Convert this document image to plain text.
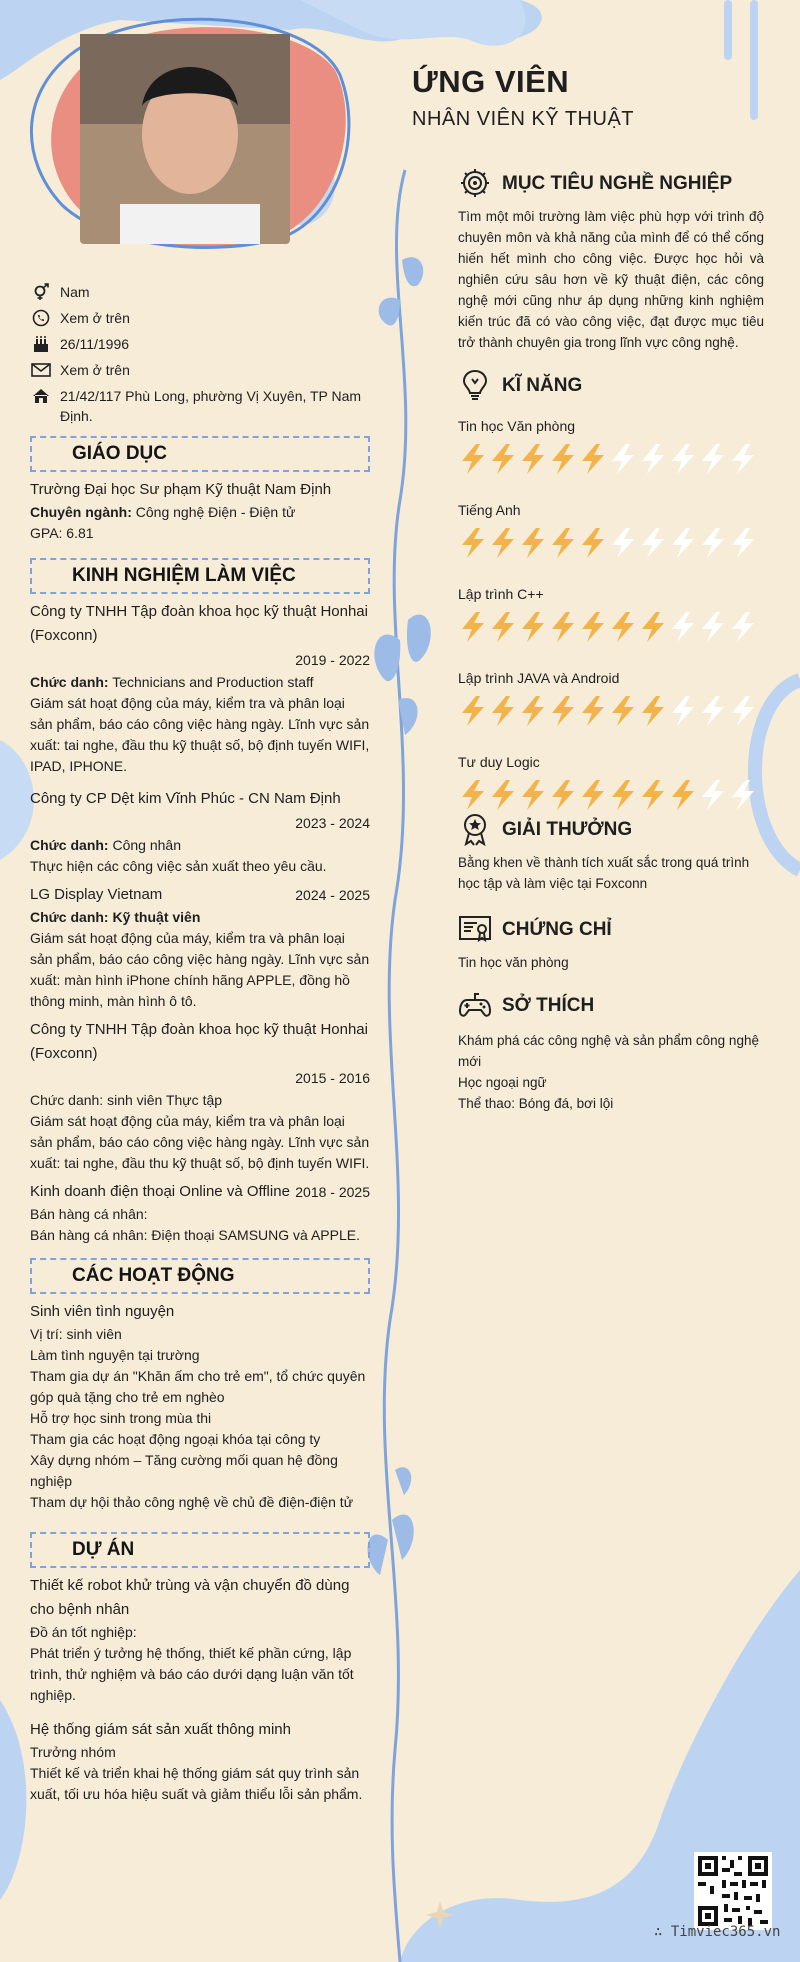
ỨNG VIÊN
NHÂN VIÊN KỸ THUẬT
Nam
Xem ở trên
26/11/1996
Xem ở trên
21/42/117 Phù Long, phường Vị Xuyên, TP Nam Định.
GIÁO DỤC
Trường Đại học Sư phạm Kỹ thuật Nam Định
Chuyên ngành: Công nghệ Điện - Điện tử
GPA: 6.81
KINH NGHIỆM LÀM VIỆC
Công ty TNHH Tập đoàn khoa học kỹ thuật Honhai (Foxconn)
2019 - 2022
Chức danh: Technicians and Production staff

Giám sát hoạt động của máy, kiểm tra và phân loại sản phẩm, báo cáo công việc hàng ngày. Lĩnh vực sản xuất: tai nghe, đầu thu kỹ thuật số, bộ định tuyến WIFI, IPAD, IPHONE.

Công ty CP Dệt kim Vĩnh Phúc - CN Nam Định
2023 - 2024
Chức danh: Công nhân

Thực hiện các công việc sản xuất theo yêu cầu.

LG Display Vietnam	2024 - 2025
Chức danh: Kỹ thuật viên

Giám sát hoạt động của máy, kiểm tra và phân loại sản phẩm, báo cáo công việc hàng ngày. Lĩnh vực sản xuất: màn hình iPhone chính hãng APPLE, đồng hồ thông minh, màn hình ô tô.

Công ty TNHH Tập đoàn khoa học kỹ thuật Honhai (Foxconn)
2015 - 2016
Chức danh: sinh viên Thực tập

Giám sát hoạt động của máy, kiểm tra và phân loại sản phẩm, báo cáo công việc hàng ngày. Lĩnh vực sản xuất: tai nghe, đầu thu kỹ thuật số, bộ định tuyến WIFI.

Kinh doanh điện thoại Online và Offline 2018 - 2025
Bán hàng cá nhân:

Bán hàng cá nhân: Điện thoại SAMSUNG và APPLE.

CÁC HOẠT ĐỘNG
Sinh viên tình nguyện
Vị trí: sinh viên
Làm tình nguyện tại trường
Tham gia dự án "Khăn ấm cho trẻ em", tổ chức quyên góp quà tặng cho trẻ em nghèo
Hỗ trợ học sinh trong mùa thi
Tham gia các hoạt động ngoại khóa tại công ty
Xây dựng nhóm – Tăng cường mối quan hệ đồng nghiệp
Tham dự hội thảo công nghệ về chủ đề điện-điện tử
DỰ ÁN
Thiết kế robot khử trùng và vận chuyển đồ dùng cho bệnh nhân
Đồ án tốt nghiệp:

Phát triển ý tưởng hệ thống, thiết kế phần cứng, lập trình, thử nghiệm và báo cáo dưới dạng luận văn tốt nghiệp.

Hệ thống giám sát sản xuất thông minh
Trưởng nhóm

Thiết kế và triển khai hệ thống giám sát quy trình sản xuất, tối ưu hóa hiệu suất và giảm thiểu lỗi sản phẩm.

MỤC TIÊU NGHỀ NGHIỆP

Tìm một môi trường làm việc phù hợp với trình độ chuyên môn và khả năng của mình để có thể cống hiến hết mình cho công việc. Được học hỏi và nghiên cứu sâu hơn về kỹ thuật điện, các công nghệ mới cũng như áp dụng những kinh nghiệm kiến trúc đã có vào công việc, đạt được mục tiêu trở thành chuyên gia trong lĩnh vực công nghệ.

KĨ NĂNG
Tin học Văn phòng
Tiếng Anh
Lập trình C++
Lập trình JAVA và Android
Tư duy Logic
GIẢI THƯỞNG

Bằng khen về thành tích xuất sắc trong quá trình học tập và làm việc tại Foxconn

CHỨNG CHỈ

Tin học văn phòng

SỞ THÍCH
Khám phá các công nghệ và sản phẩm công nghệ mới
Học ngoại ngữ
Thể thao: Bóng đá, bơi lội
∴ Timviec365.vn
